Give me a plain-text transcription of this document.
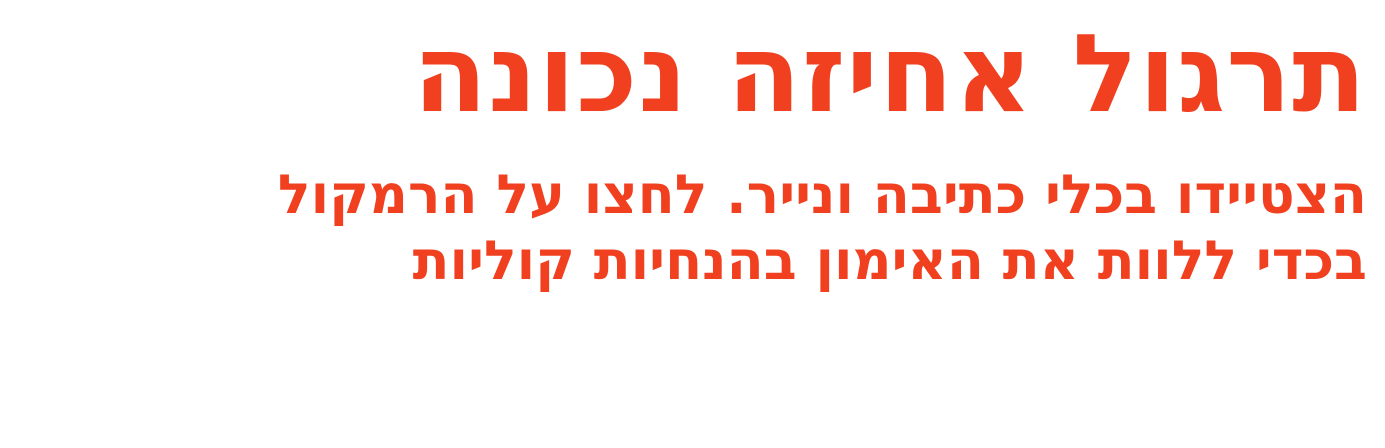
תרגול אחיזה נכונה
הצטיידו בכלי כתיבה ונייר. לחצו על הרמקול
בכדי ללוות את האימון בהנחיות קוליות
